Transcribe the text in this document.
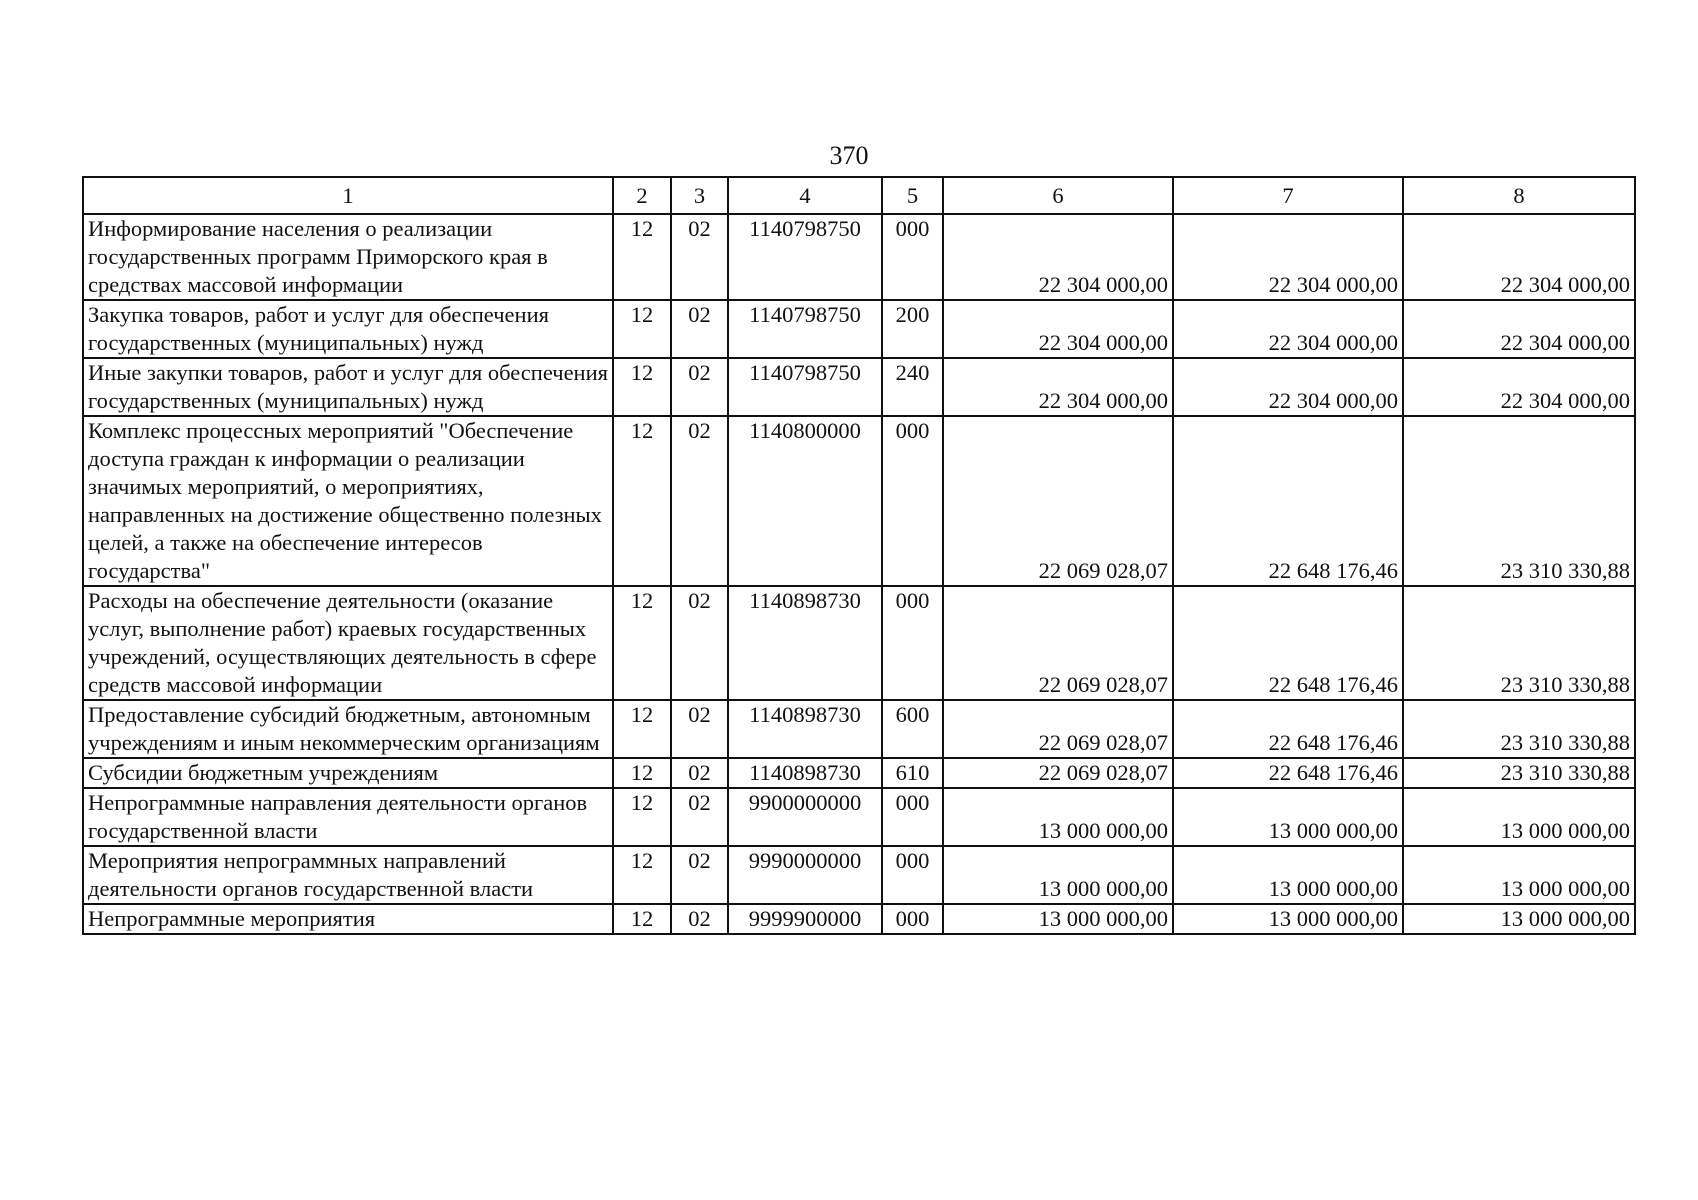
370
1	2	3	4	5	6	7	8
Информирование населения о реализации государственных программ Приморского края в средствах массовой информации	12	02	1140798750	000	22 304 000,00	22 304 000,00	22 304 000,00
Закупка товаров, работ и услуг для обеспечения государственных (муниципальных) нужд	12	02	1140798750	200	22 304 000,00	22 304 000,00	22 304 000,00
Иные закупки товаров, работ и услуг для обеспечения государственных (муниципальных) нужд	12	02	1140798750	240	22 304 000,00	22 304 000,00	22 304 000,00
Комплекс процессных мероприятий "Обеспечение доступа граждан к информации о реализации значимых мероприятий, о мероприятиях, направленных на достижение общественно полезных целей, а также на обеспечение интересов государства"	12	02	1140800000	000	22 069 028,07	22 648 176,46	23 310 330,88
Расходы на обеспечение деятельности (оказание услуг, выполнение работ) краевых государственных учреждений, осуществляющих деятельность в сфере средств массовой информации	12	02	1140898730	000	22 069 028,07	22 648 176,46	23 310 330,88
Предоставление субсидий бюджетным, автономным учреждениям и иным некоммерческим организациям	12	02	1140898730	600	22 069 028,07	22 648 176,46	23 310 330,88
Субсидии бюджетным учреждениям	12	02	1140898730	610	22 069 028,07	22 648 176,46	23 310 330,88
Непрограммные направления деятельности органов государственной власти	12	02	9900000000	000	13 000 000,00	13 000 000,00	13 000 000,00
Мероприятия непрограммных направлений деятельности органов государственной власти	12	02	9990000000	000	13 000 000,00	13 000 000,00	13 000 000,00
Непрограммные мероприятия	12	02	9999900000	000	13 000 000,00	13 000 000,00	13 000 000,00
